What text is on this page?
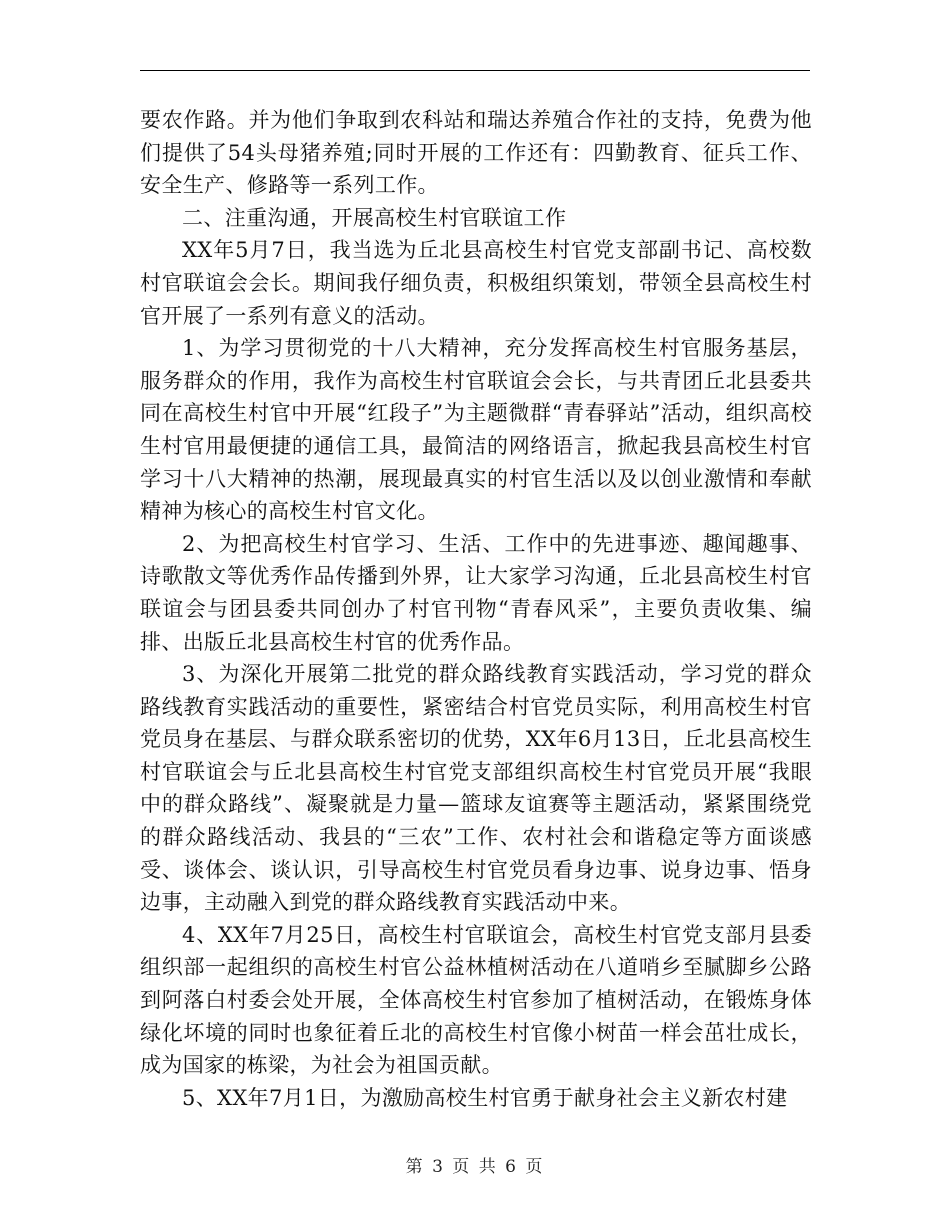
要农作路。并为他们争取到农科站和瑞达养殖合作社的支持，免费为他们提供了54头母猪养殖;同时开展的工作还有：四勤教育、征兵工作、安全生产、修路等一系列工作。

二、注重沟通，开展高校生村官联谊工作

XX年5月7日，我当选为丘北县高校生村官党支部副书记、高校数村官联谊会会长。期间我仔细负责，积极组织策划，带领全县高校生村官开展了一系列有意义的活动。

1、为学习贯彻党的十八大精神，充分发挥高校生村官服务基层，服务群众的作用，我作为高校生村官联谊会会长，与共青团丘北县委共同在高校生村官中开展“红段子”为主题微群“青春驿站”活动，组织高校生村官用最便捷的通信工具，最简洁的网络语言，掀起我县高校生村官学习十八大精神的热潮，展现最真实的村官生活以及以创业激情和奉献精神为核心的高校生村官文化。

2、为把高校生村官学习、生活、工作中的先进事迹、趣闻趣事、诗歌散文等优秀作品传播到外界，让大家学习沟通，丘北县高校生村官联谊会与团县委共同创办了村官刊物“青春风采”，主要负责收集、编排、出版丘北县高校生村官的优秀作品。

3、为深化开展第二批党的群众路线教育实践活动，学习党的群众路线教育实践活动的重要性，紧密结合村官党员实际，利用高校生村官党员身在基层、与群众联系密切的优势，XX年6月13日，丘北县高校生村官联谊会与丘北县高校生村官党支部组织高校生村官党员开展“我眼中的群众路线”、凝聚就是力量—篮球友谊赛等主题活动，紧紧围绕党的群众路线活动、我县的“三农”工作、农村社会和谐稳定等方面谈感受、谈体会、谈认识，引导高校生村官党员看身边事、说身边事、悟身边事，主动融入到党的群众路线教育实践活动中来。

4、XX年7月25日，高校生村官联谊会，高校生村官党支部月县委组织部一起组织的高校生村官公益林植树活动在八道哨乡至腻脚乡公路到阿落白村委会处开展，全体高校生村官参加了植树活动，在锻炼身体绿化坏境的同时也象征着丘北的高校生村官像小树苗一样会茁壮成长，成为国家的栋梁，为社会为祖国贡献。

5、XX年7月1日，为激励高校生村官勇于献身社会主义新农村建

第 3 页 共 6 页
